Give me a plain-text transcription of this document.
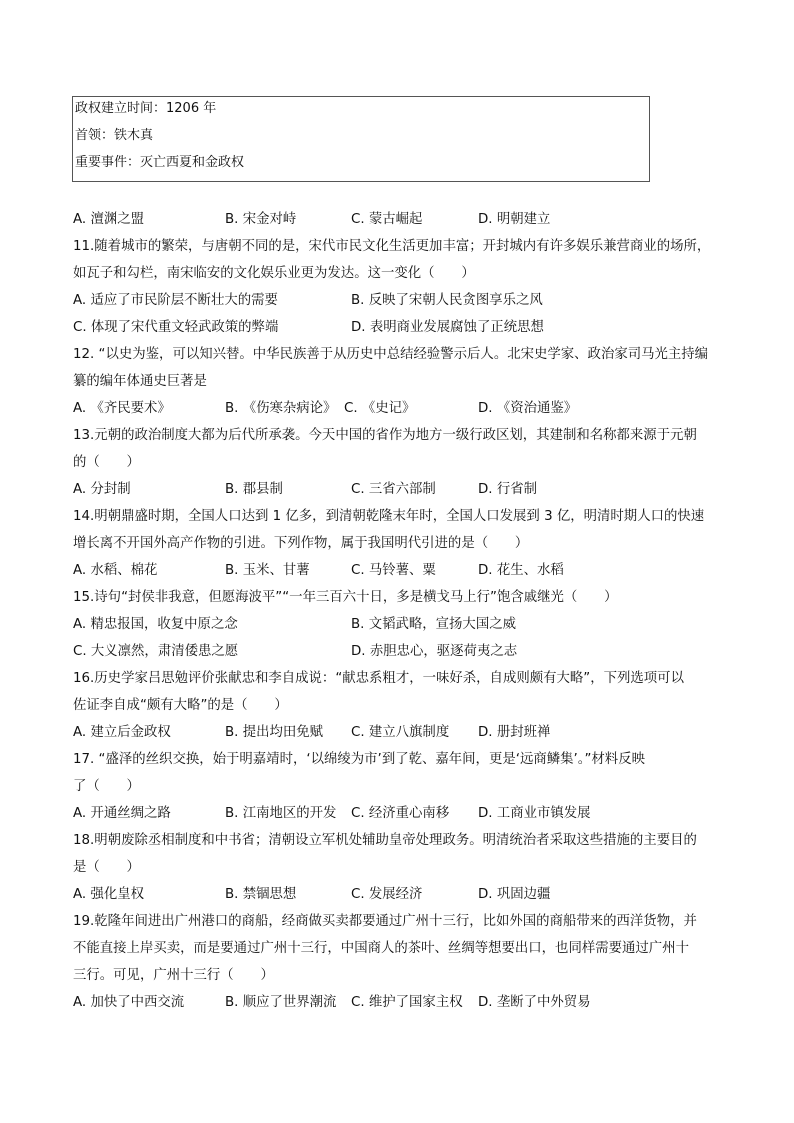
政权建立时间：1206 年
首领：铁木真
重要事件：灭亡西夏和金政权
A. 澶渊之盟	B. 宋金对峙	C. 蒙古崛起	D. 明朝建立
11.随着城市的繁荣，与唐朝不同的是，宋代市民文化生活更加丰富；开封城内有许多娱乐兼营商业的场所，
如瓦子和勾栏，南宋临安的文化娱乐业更为发达。这一变化（　　）
A. 适应了市民阶层不断壮大的需要	B. 反映了宋朝人民贪图享乐之风
C. 体现了宋代重文轻武政策的弊端	D. 表明商业发展腐蚀了正统思想
12. “以史为鉴，可以知兴替。中华民族善于从历史中总结经验警示后人。北宋史学家、政治家司马光主持编
纂的编年体通史巨著是
A. 《齐民要术》	B. 《伤寒杂病论》 C. 《史记》	D. 《资治通鉴》
13.元朝的政治制度大都为后代所承袭。今天中国的省作为地方一级行政区划，其建制和名称都来源于元朝
的（　　）
A. 分封制	B. 郡县制	C. 三省六部制	D. 行省制
14.明朝鼎盛时期，全国人口达到 1 亿多，到清朝乾隆末年时，全国人口发展到 3 亿，明清时期人口的快速
增长离不开国外高产作物的引进。下列作物，属于我国明代引进的是（　　）
A. 水稻、棉花	B. 玉米、甘薯	C. 马铃薯、粟	D. 花生、水稻
15.诗句“封侯非我意，但愿海波平”“一年三百六十日，多是横戈马上行”饱含戚继光（　　）
A. 精忠报国，收复中原之念	B. 文韬武略，宣扬大国之威
C. 大义凛然，肃清倭患之愿	D. 赤胆忠心，驱逐荷夷之志
16.历史学家吕思勉评价张献忠和李自成说：“献忠系粗才，一味好杀，自成则颇有大略”，下列选项可以
佐证李自成“颇有大略”的是（　　）
A. 建立后金政权	B. 提出均田免赋 C. 建立八旗制度 D. 册封班禅
17. “盛泽的丝织交换，始于明嘉靖时，‘以绵绫为市’到了乾、嘉年间，更是‘远商鳞集’。”材料反映
了（　　）
A. 开通丝绸之路	B. 江南地区的开发 C. 经济重心南移 D. 工商业市镇发展
18.明朝废除丞相制度和中书省；清朝设立军机处辅助皇帝处理政务。明清统治者采取这些措施的主要目的
是（　　）
A. 强化皇权	B. 禁锢思想	C. 发展经济	D. 巩固边疆
19.乾隆年间进出广州港口的商船，经商做买卖都要通过广州十三行，比如外国的商船带来的西洋货物，并
不能直接上岸买卖，而是要通过广州十三行，中国商人的茶叶、丝绸等想要出口，也同样需要通过广州十
三行。可见，广州十三行（　　）
A. 加快了中西交流	B. 顺应了世界潮流 C. 维护了国家主权 D. 垄断了中外贸易
